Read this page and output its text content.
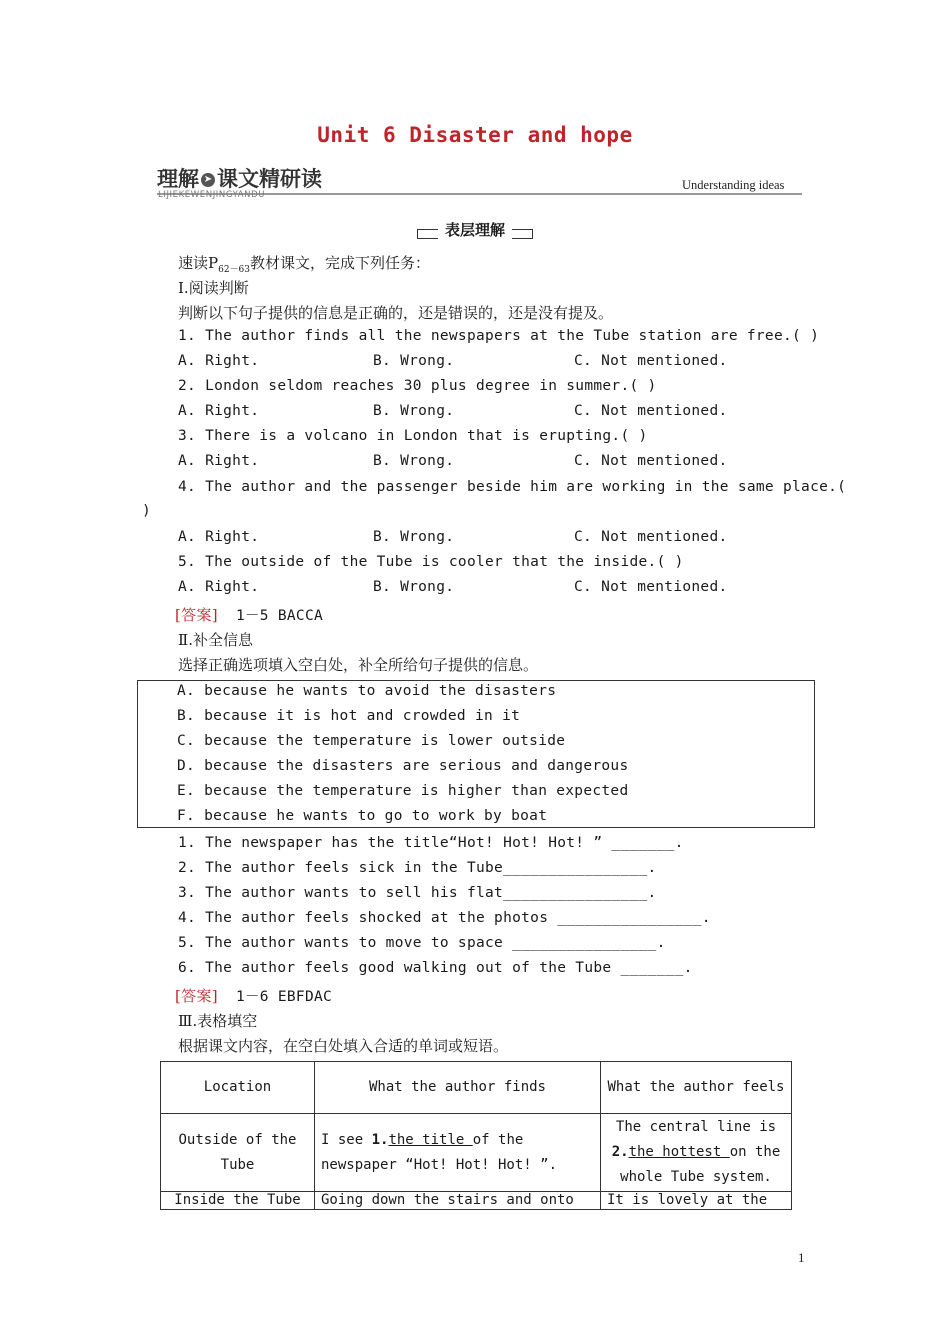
Unit 6 Disaster and hope
理解 ➤ 课文精研读
LIJIEKEWENJINGYANDU
Understanding ideas
表层理解
速读$P_{62-63}$教材课文，完成下列任务：
Ⅰ.阅读判断
判断以下句子提供的信息是正确的，还是错误的，还是没有提及。
1. The author finds all the newspapers at the Tube station are free.( )
A. Right.	B. Wrong.	C. Not mentioned.
2. London seldom reaches 30 plus degree in summer.( )
A. Right.	B. Wrong.	C. Not mentioned.
3. There is a volcano in London that is erupting.( )
A. Right.	B. Wrong.	C. Not mentioned.
4. The author and the passenger beside him are working in the same place.(
)
A. Right.	B. Wrong.	C. Not mentioned.
5. The outside of the Tube is cooler that the inside.( )
A. Right.	B. Wrong.	C. Not mentioned.
[答案] 1－5 BACCA
Ⅱ.补全信息
选择正确选项填入空白处，补全所给句子提供的信息。
A. because he wants to avoid the disasters
B. because it is hot and crowded in it
C. because the temperature is lower outside
D. because the disasters are serious and dangerous
E. because the temperature is higher than expected
F. because he wants to go to work by boat
1. The newspaper has the title“Hot! Hot! Hot! ” _______.
2. The author feels sick in the Tube________________.
3. The author wants to sell his flat________________.
4. The author feels shocked at the photos ________________.
5. The author wants to move to space ________________.
6. The author feels good walking out of the Tube _______.
[答案] 1－6 EBFDAC
Ⅲ.表格填空
根据课文内容，在空白处填入合适的单词或短语。
Location	What the author finds	What the author feels
Outside of the Tube	I see 1.the title of the newspaper “Hot! Hot! Hot! ”.	The central line is 2.the hottest on the whole Tube system.
Inside the Tube	Going down the stairs and onto	It is lovely at the
1
